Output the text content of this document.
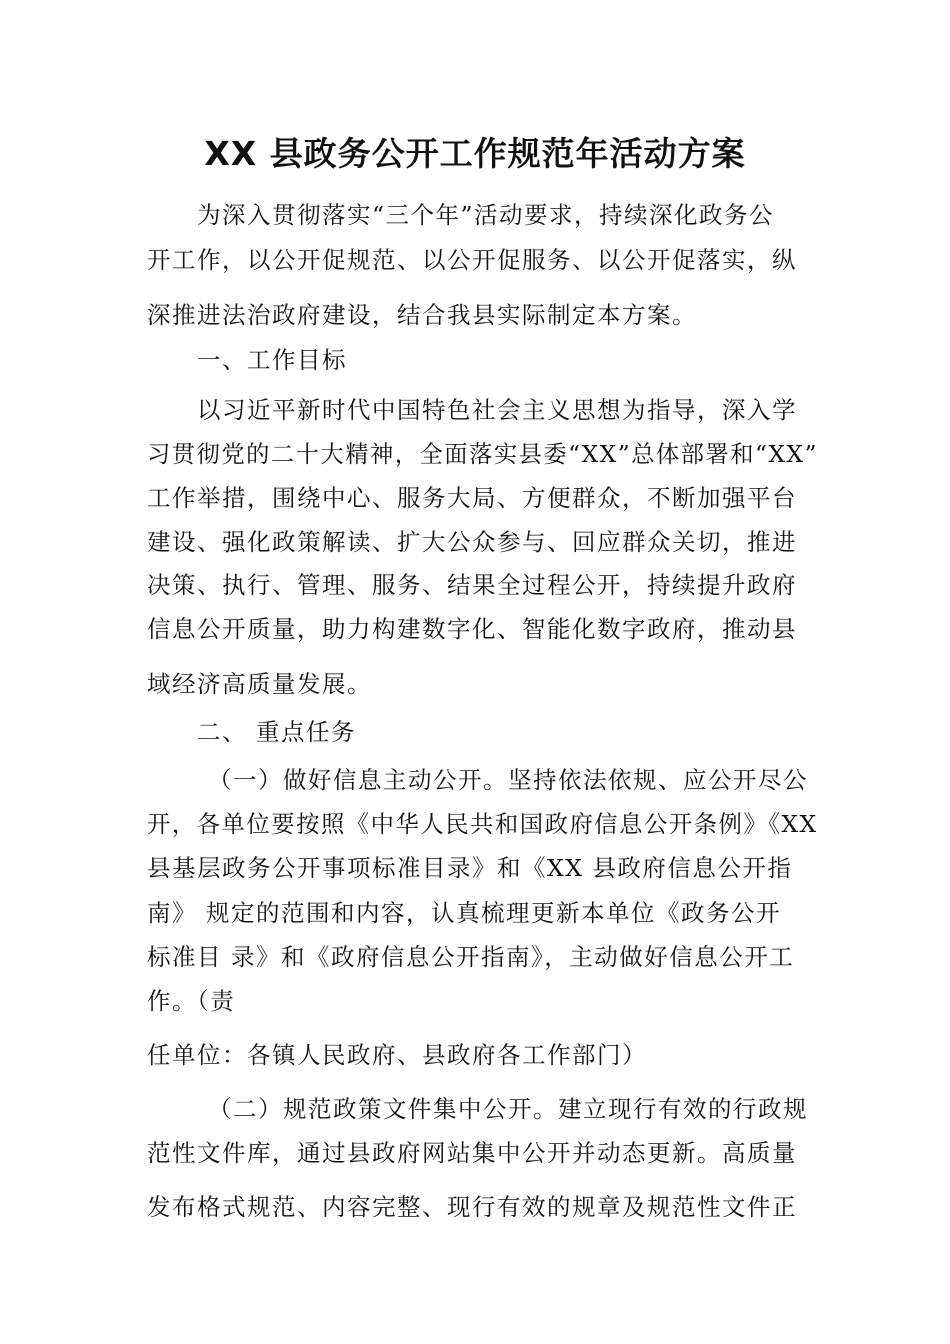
XX 县政务公开工作规范年活动方案
为深入贯彻落实“三个年”活动要求，持续深化政务公
开工作，以公开促规范、以公开促服务、以公开促落实，纵
深推进法治政府建设，结合我县实际制定本方案。
一、工作目标
以习近平新时代中国特色社会主义思想为指导，深入学
习贯彻党的二十大精神，全面落实县委“XX”总体部署和“XX”
工作举措，围绕中心、服务大局、方便群众，不断加强平台
建设、强化政策解读、扩大公众参与、回应群众关切，推进
决策、执行、管理、服务、结果全过程公开，持续提升政府
信息公开质量，助力构建数字化、智能化数字政府，推动县
域经济高质量发展。
二、 重点任务
（一）做好信息主动公开。坚持依法依规、应公开尽公
开，各单位要按照《中华人民共和国政府信息公开条例》《XX
县基层政务公开事项标准目录》和《XX 县政府信息公开指
南》 规定的范围和内容，认真梳理更新本单位《政务公开
标准目 录》和《政府信息公开指南》，主动做好信息公开工
作。（责
任单位：各镇人民政府、县政府各工作部门）
（二）规范政策文件集中公开。建立现行有效的行政规
范性文件库，通过县政府网站集中公开并动态更新。高质量
发布格式规范、内容完整、现行有效的规章及规范性文件正
